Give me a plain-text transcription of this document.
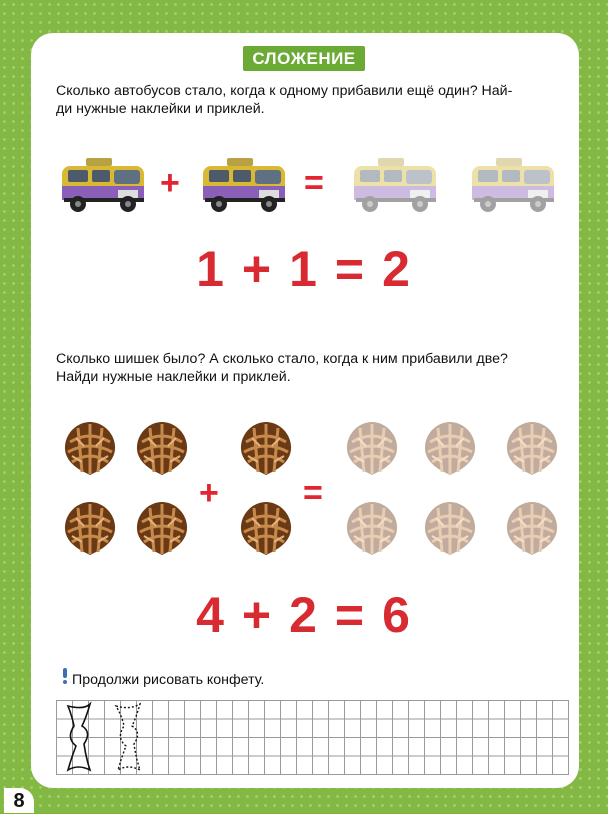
СЛОЖЕНИЕ
Сколько автобусов стало, когда к одному прибавили ещё один? Най-
ди нужные наклейки и приклей.
+	=
1 + 1 = 2
Сколько шишек было? А сколько стало, когда к ним прибавили две?
Найди нужные наклейки и приклей.
+ =
4 + 2 = 6
Продолжи рисовать конфету.
8
